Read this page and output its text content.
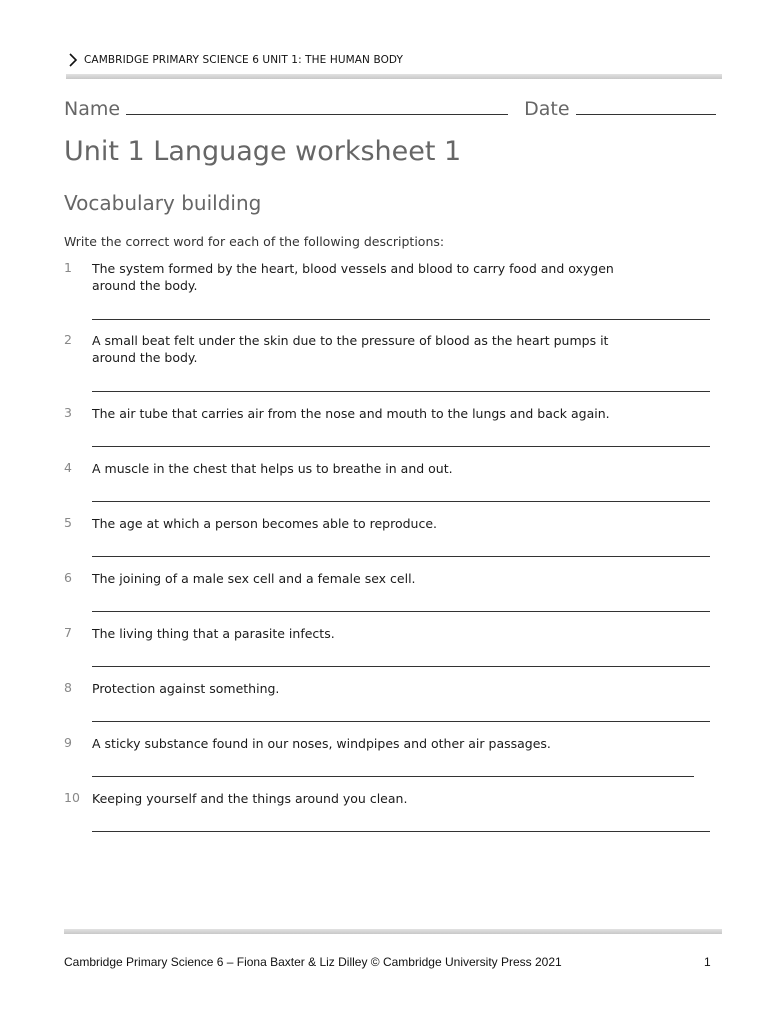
CAMBRIDGE PRIMARY SCIENCE 6 UNIT 1: THE HUMAN BODY
Name	Date
Unit 1 Language worksheet 1
Vocabulary building
Write the correct word for each of the following descriptions:
1	The system formed by the heart, blood vessels and blood to carry food and oxygen around the body.
2	A small beat felt under the skin due to the pressure of blood as the heart pumps it around the body.
3	The air tube that carries air from the nose and mouth to the lungs and back again.
4	A muscle in the chest that helps us to breathe in and out.
5	The age at which a person becomes able to reproduce.
6	The joining of a male sex cell and a female sex cell.
7	The living thing that a parasite infects.
8	Protection against something.
9	A sticky substance found in our noses, windpipes and other air passages.
10 Keeping yourself and the things around you clean.
Cambridge Primary Science 6 – Fiona Baxter & Liz Dilley © Cambridge University Press 2021	1
